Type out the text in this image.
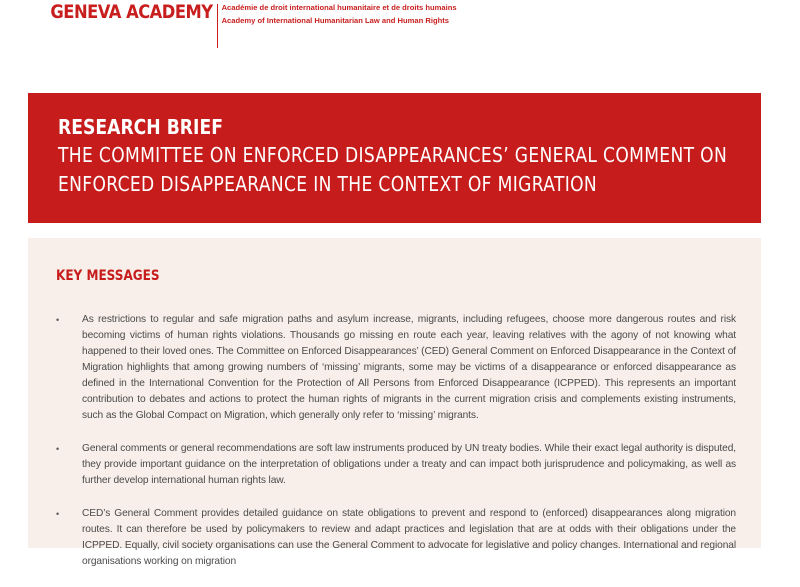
GENEVA ACADEMY Académie de droit international humanitaire et de droits humains
Academy of International Humanitarian Law and Human Rights
RESEARCH BRIEF
THE COMMITTEE ON ENFORCED DISAPPEARANCES’ GENERAL COMMENT ON ENFORCED DISAPPEARANCE IN THE CONTEXT OF MIGRATION
KEY MESSAGES
• As restrictions to regular and safe migration paths and asylum increase, migrants, including refugees, choose more dangerous routes and risk becoming victims of human rights violations. Thousands go missing en route each year, leaving relatives with the agony of not knowing what happened to their loved ones. The Committee on Enforced Disappearances’ (CED) General Comment on Enforced Disappearance in the Context of Migration highlights that among growing numbers of ‘missing’ migrants, some may be victims of a disappearance or enforced disappearance as defined in the International Convention for the Protection of All Persons from Enforced Disappearance (ICPPED). This represents an important contribution to debates and actions to protect the human rights of migrants in the current migration crisis and complements existing instruments, such as the Global Compact on Migration, which generally only refer to ‘missing’ migrants.
• General comments or general recommendations are soft law instruments produced by UN treaty bodies. While their exact legal authority is disputed, they provide important guidance on the interpretation of obligations under a treaty and can impact both jurisprudence and policymaking, as well as further develop international human rights law.
• CED’s General Comment provides detailed guidance on state obligations to prevent and respond to (enforced) disappearances along migration routes. It can therefore be used by policymakers to review and adapt practices and legislation that are at odds with their obligations under the ICPPED. Equally, civil society organisations can use the General Comment to advocate for legislative and policy changes. International and regional organisations working on migration
